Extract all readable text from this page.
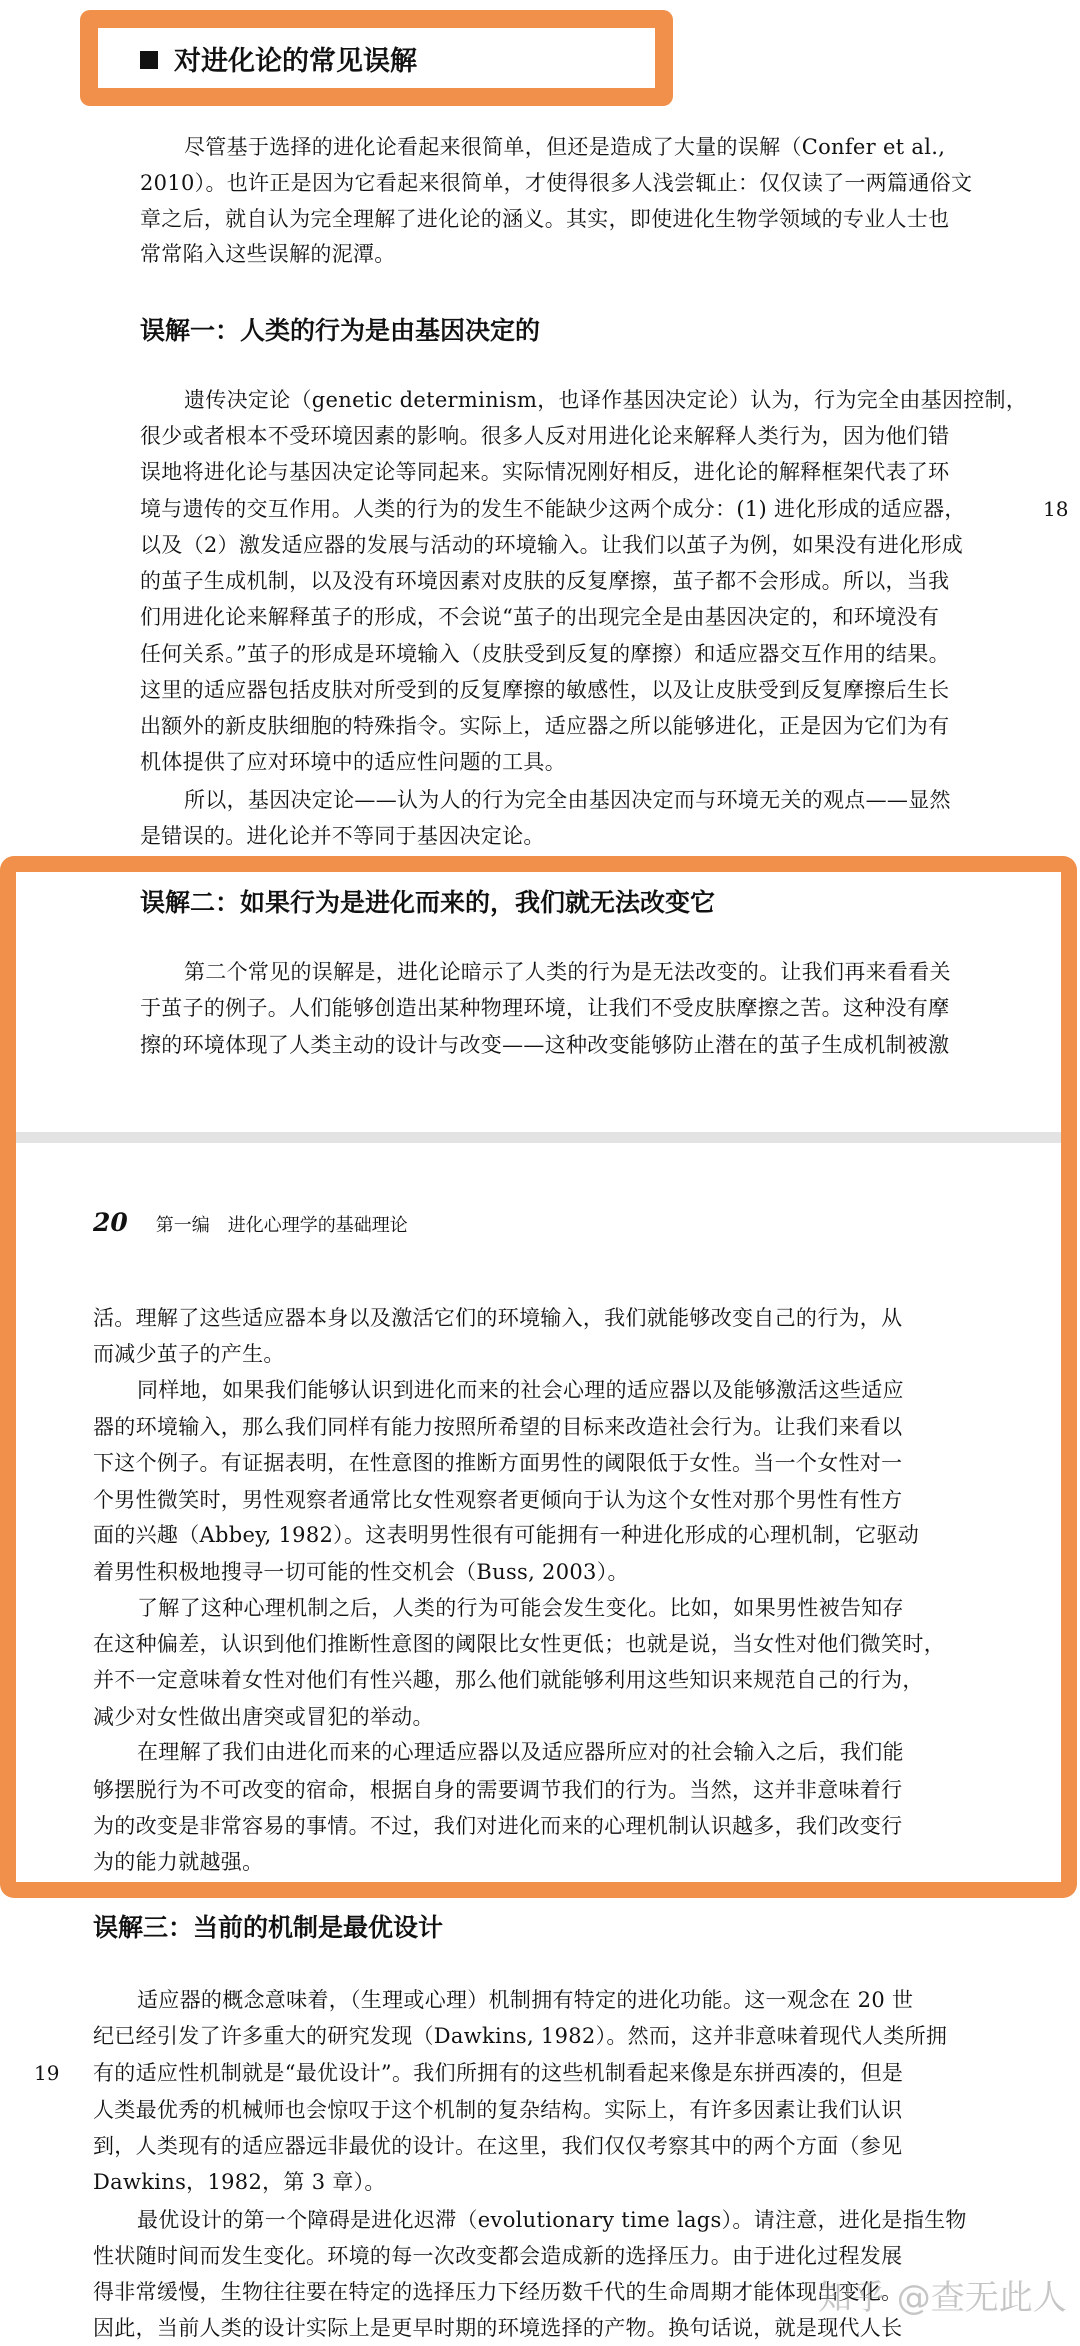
对进化论的常见误解
尽管基于选择的进化论看起来很简单，但还是造成了大量的误解（Confer et al.,
2010）。也许正是因为它看起来很简单，才使得很多人浅尝辄止：仅仅读了一两篇通俗文
章之后，就自认为完全理解了进化论的涵义。其实，即使进化生物学领域的专业人士也
常常陷入这些误解的泥潭。
误解一：人类的行为是由基因决定的
遗传决定论（genetic determinism，也译作基因决定论）认为，行为完全由基因控制，
很少或者根本不受环境因素的影响。很多人反对用进化论来解释人类行为，因为他们错
误地将进化论与基因决定论等同起来。实际情况刚好相反，进化论的解释框架代表了环
境与遗传的交互作用。人类的行为的发生不能缺少这两个成分：(1) 进化形成的适应器，
以及（2）激发适应器的发展与活动的环境输入。让我们以茧子为例，如果没有进化形成
的茧子生成机制，以及没有环境因素对皮肤的反复摩擦，茧子都不会形成。所以，当我
们用进化论来解释茧子的形成，不会说“茧子的出现完全是由基因决定的，和环境没有
任何关系。”茧子的形成是环境输入（皮肤受到反复的摩擦）和适应器交互作用的结果。
这里的适应器包括皮肤对所受到的反复摩擦的敏感性，以及让皮肤受到反复摩擦后生长
出额外的新皮肤细胞的特殊指令。实际上，适应器之所以能够进化，正是因为它们为有
机体提供了应对环境中的适应性问题的工具。
所以，基因决定论——认为人的行为完全由基因决定而与环境无关的观点——显然
是错误的。进化论并不等同于基因决定论。
18
误解二：如果行为是进化而来的，我们就无法改变它
第二个常见的误解是，进化论暗示了人类的行为是无法改变的。让我们再来看看关
于茧子的例子。人们能够创造出某种物理环境，让我们不受皮肤摩擦之苦。这种没有摩
擦的环境体现了人类主动的设计与改变——这种改变能够防止潜在的茧子生成机制被激
20 第一编　进化心理学的基础理论
活。理解了这些适应器本身以及激活它们的环境输入，我们就能够改变自己的行为，从
而减少茧子的产生。
同样地，如果我们能够认识到进化而来的社会心理的适应器以及能够激活这些适应
器的环境输入，那么我们同样有能力按照所希望的目标来改造社会行为。让我们来看以
下这个例子。有证据表明，在性意图的推断方面男性的阈限低于女性。当一个女性对一
个男性微笑时，男性观察者通常比女性观察者更倾向于认为这个女性对那个男性有性方
面的兴趣（Abbey, 1982）。这表明男性很有可能拥有一种进化形成的心理机制，它驱动
着男性积极地搜寻一切可能的性交机会（Buss, 2003）。
了解了这种心理机制之后，人类的行为可能会发生变化。比如，如果男性被告知存
在这种偏差，认识到他们推断性意图的阈限比女性更低；也就是说，当女性对他们微笑时，
并不一定意味着女性对他们有性兴趣，那么他们就能够利用这些知识来规范自己的行为，
减少对女性做出唐突或冒犯的举动。
在理解了我们由进化而来的心理适应器以及适应器所应对的社会输入之后，我们能
够摆脱行为不可改变的宿命，根据自身的需要调节我们的行为。当然，这并非意味着行
为的改变是非常容易的事情。不过，我们对进化而来的心理机制认识越多，我们改变行
为的能力就越强。
误解三：当前的机制是最优设计
适应器的概念意味着，（生理或心理）机制拥有特定的进化功能。这一观念在 20 世
纪已经引发了许多重大的研究发现（Dawkins, 1982）。然而，这并非意味着现代人类所拥
有的适应性机制就是“最优设计”。我们所拥有的这些机制看起来像是东拼西凑的，但是
人类最优秀的机械师也会惊叹于这个机制的复杂结构。实际上，有许多因素让我们认识
到，人类现有的适应器远非最优的设计。在这里，我们仅仅考察其中的两个方面（参见
Dawkins，1982，第 3 章）。
最优设计的第一个障碍是进化迟滞（evolutionary time lags）。请注意，进化是指生物
性状随时间而发生变化。环境的每一次改变都会造成新的选择压力。由于进化过程发展
得非常缓慢，生物往往要在特定的选择压力下经历数千代的生命周期才能体现出变化。
因此，当前人类的设计实际上是更早时期的环境选择的产物。换句话说，就是现代人长
19
知乎 @查无此人
